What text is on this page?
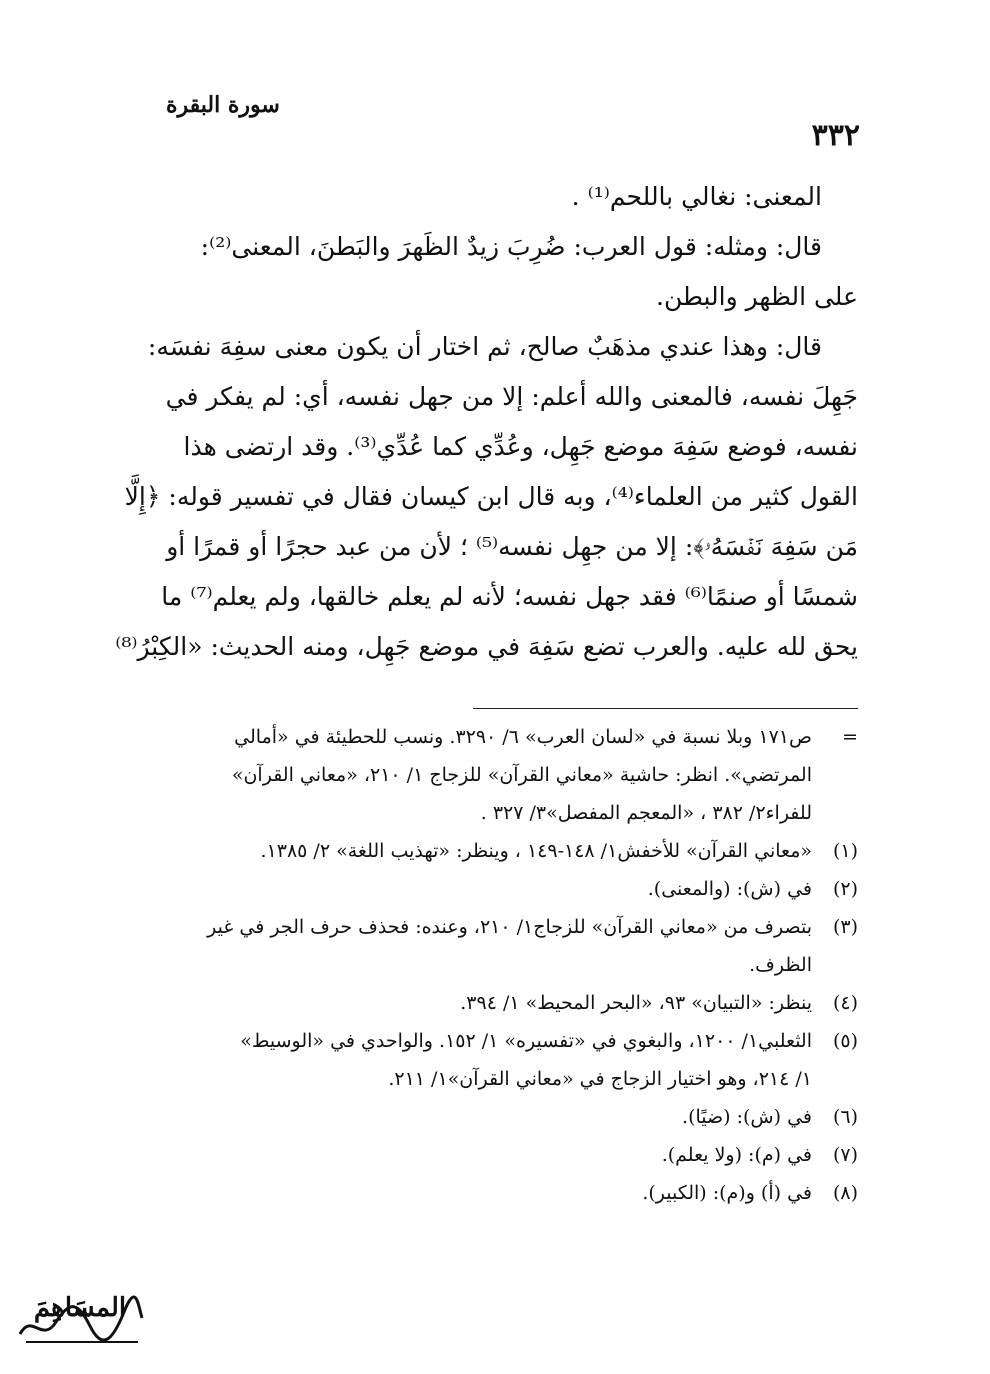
سورة البقرة
٣٣٢
المعنى: نغالي باللحم⁽¹⁾ .
قال: ومثله: قول العرب: ضُرِبَ زيدٌ الظَهرَ والبَطنَ، المعنى⁽²⁾:
على الظهر والبطن.
قال: وهذا عندي مذهَبٌ صالح، ثم اختار أن يكون معنى سفِهَ نفسَه:
جَهِلَ نفسه، فالمعنى والله أعلم: إلا من جهل نفسه، أي: لم يفكر في
نفسه، فوضع سَفِهَ موضع جَهِل، وعُدِّي كما عُدِّي⁽³⁾. وقد ارتضى هذا
القول كثير من العلماء⁽⁴⁾، وبه قال ابن كيسان فقال في تفسير قوله: ﴿إِلَّا
مَن سَفِهَ نَفۡسَهُۥ﴾: إلا من جهِل نفسه⁽⁵⁾ ؛ لأن من عبد حجرًا أو قمرًا أو
شمسًا أو صنمًا⁽⁶⁾ فقد جهل نفسه؛ لأنه لم يعلم خالقها، ولم يعلم⁽⁷⁾ ما
يحق لله عليه. والعرب تضع سَفِهَ في موضع جَهِل، ومنه الحديث: «الكِبْرُ⁽⁸⁾
=
ص١٧١ وبلا نسبة في «لسان العرب» ٦/ ٣٢٩٠. ونسب للحطيئة في «أمالي
المرتضي». انظر: حاشية «معاني القرآن» للزجاج ١/ ٢١٠، «معاني القرآن»
للفراء٢/ ٣٨٢ ، «المعجم المفصل»٣/ ٣٢٧ .
(١)
«معاني القرآن» للأخفش١/ ١٤٨-١٤٩ ، وينظر: «تهذيب اللغة» ٢/ ١٣٨٥.
(٢)
في (ش): (والمعنى).
(٣)
بتصرف من «معاني القرآن» للزجاج١/ ٢١٠، وعنده: فحذف حرف الجر في غير
الظرف.
(٤)
ينظر: «التبيان» ٩٣، «البحر المحيط» ١/ ٣٩٤.
(٥)
الثعلبي١/ ١٢٠٠، والبغوي في «تفسيره» ١/ ١٥٢. والواحدي في «الوسيط»
١/ ٢١٤، وهو اختيار الزجاج في «معاني القرآن»١/ ٢١١.
(٦)
في (ش): (ضيًا).
(٧)
في (م): (ولا يعلم).
(٨)
في (أ) و(م): (الكبير).
المسَاهِمَ
